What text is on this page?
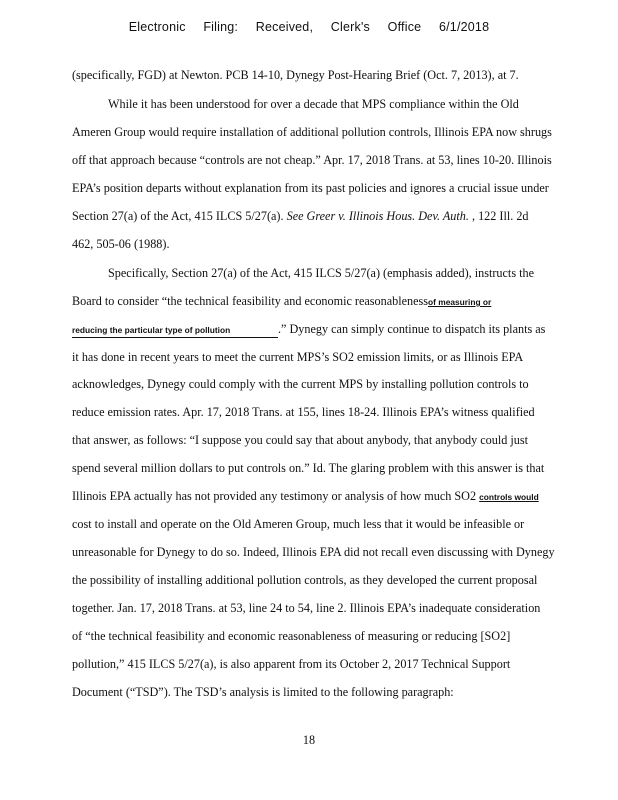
Electronic Filing: Received, Clerk's Office 6/1/2018
(specifically, FGD) at Newton. PCB 14-10, Dynegy Post-Hearing Brief (Oct. 7, 2013), at 7.
While it has been understood for over a decade that MPS compliance within the Old
Ameren Group would require installation of additional pollution controls, Illinois EPA now shrugs
off that approach because “controls are not cheap.” Apr. 17, 2018 Trans. at 53, lines 10-20. Illinois
EPA’s position departs without explanation from its past policies and ignores a crucial issue under
Section 27(a) of the Act, 415 ILCS 5/27(a). See Greer v. Illinois Hous. Dev. Auth. , 122 Ill. 2d
462, 505-06 (1988).
Specifically, Section 27(a) of the Act, 415 ILCS 5/27(a) (emphasis added), instructs the
Board to consider “the technical feasibility and economic reasonablenessof measuring or
reducing the particular type of pollution	.” Dynegy can simply continue to dispatch its plants as
it has done in recent years to meet the current MPS’s SO2 emission limits, or as Illinois EPA
acknowledges, Dynegy could comply with the current MPS by installing pollution controls to
reduce emission rates. Apr. 17, 2018 Trans. at 155, lines 18-24. Illinois EPA’s witness qualified
that answer, as follows: “I suppose you could say that about anybody, that anybody could just
spend several million dollars to put controls on.” Id. The glaring problem with this answer is that
Illinois EPA actually has not provided any testimony or analysis of how much SO2 controls would
cost to install and operate on the Old Ameren Group, much less that it would be infeasible or
unreasonable for Dynegy to do so. Indeed, Illinois EPA did not recall even discussing with Dynegy
the possibility of installing additional pollution controls, as they developed the current proposal
together. Jan. 17, 2018 Trans. at 53, line 24 to 54, line 2. Illinois EPA’s inadequate consideration
of “the technical feasibility and economic reasonableness of measuring or reducing [SO2]
pollution,” 415 ILCS 5/27(a), is also apparent from its October 2, 2017 Technical Support
Document (“TSD”). The TSD’s analysis is limited to the following paragraph:
18
